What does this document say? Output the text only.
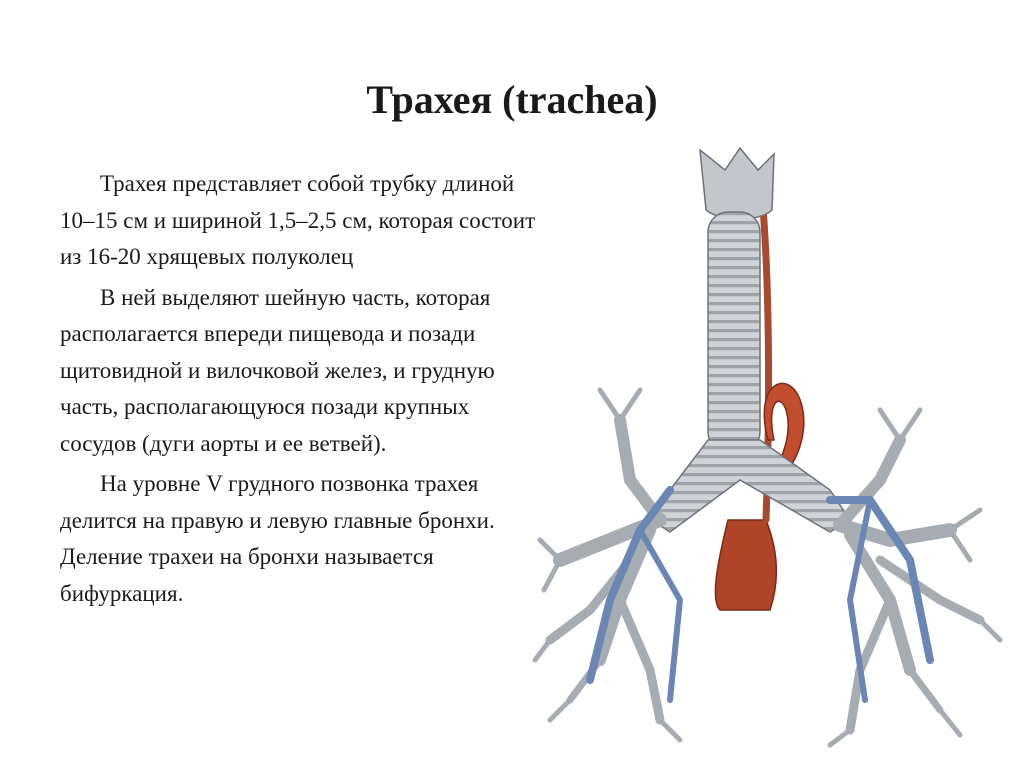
Трахея (trachea)

Трахея представляет собой трубку длиной 10–15 см и шириной 1,5–2,5 см, которая состоит из 16-20 хрящевых полуколец

В ней выделяют шейную часть, которая располагается впереди пищевода и позади щитовидной и вилочковой желез, и грудную часть, располагающуюся позади крупных сосудов (дуги аорты и ее ветвей).

На уровне V грудного позвонка трахея делится на правую и левую главные бронхи. Деление трахеи на бронхи называется бифуркация.
